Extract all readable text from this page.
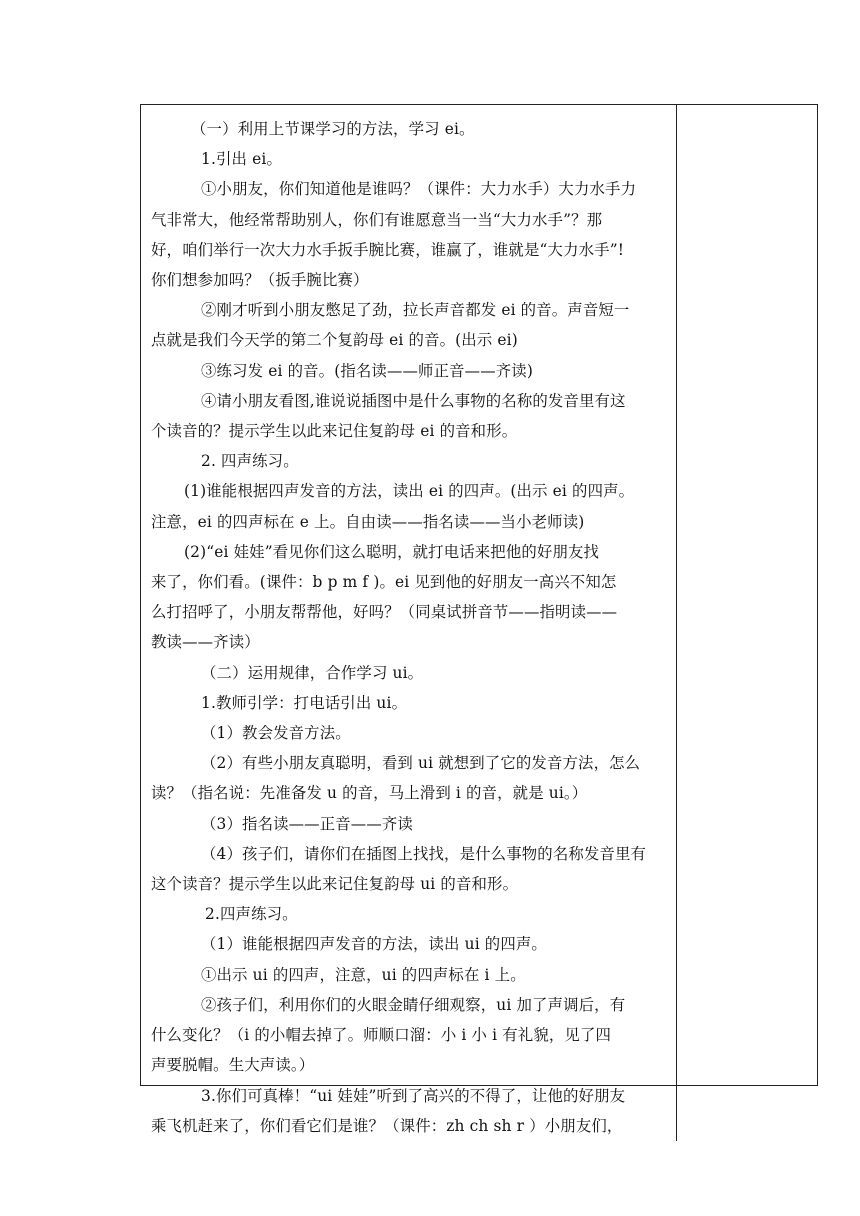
（一）利用上节课学习的方法，学习 ei。
1.引出 ei。
①小朋友，你们知道他是谁吗？（课件：大力水手）大力水手力
气非常大，他经常帮助别人，你们有谁愿意当一当“大力水手”？那
好，咱们举行一次大力水手扳手腕比赛，谁赢了，谁就是“大力水手”!
你们想参加吗？（扳手腕比赛）
②刚才听到小朋友憋足了劲，拉长声音都发 ei 的音。声音短一
点就是我们今天学的第二个复韵母 ei 的音。(出示 ei)
③练习发 ei 的音。(指名读——师正音——齐读)
④请小朋友看图,谁说说插图中是什么事物的名称的发音里有这
个读音的？提示学生以此来记住复韵母 ei 的音和形。
2. 四声练习。
(1)谁能根据四声发音的方法，读出 ei 的四声。(出示 ei 的四声。
注意，ei 的四声标在 e 上。自由读——指名读——当小老师读)
(2)“ei 娃娃”看见你们这么聪明，就打电话来把他的好朋友找
来了，你们看。(课件：b p m f )。ei 见到他的好朋友一高兴不知怎
么打招呼了，小朋友帮帮他，好吗？（同桌试拼音节——指明读——
教读——齐读）
（二）运用规律，合作学习 ui。
1.教师引学：打电话引出 ui。
（1）教会发音方法。
（2）有些小朋友真聪明，看到 ui 就想到了它的发音方法，怎么
读？（指名说：先准备发 u 的音，马上滑到 i 的音，就是 ui。）
（3）指名读——正音——齐读
（4）孩子们，请你们在插图上找找，是什么事物的名称发音里有
这个读音？提示学生以此来记住复韵母 ui 的音和形。
2.四声练习。
（1）谁能根据四声发音的方法，读出 ui 的四声。
①出示 ui 的四声，注意，ui 的四声标在 i 上。
②孩子们，利用你们的火眼金睛仔细观察，ui 加了声调后，有
什么变化？（i 的小帽去掉了。师顺口溜：小 i 小 i 有礼貌，见了四
声要脱帽。生大声读。）
3.你们可真棒！“ui 娃娃”听到了高兴的不得了，让他的好朋友
乘飞机赶来了，你们看它们是谁？（课件：zh ch sh r ）小朋友们，
